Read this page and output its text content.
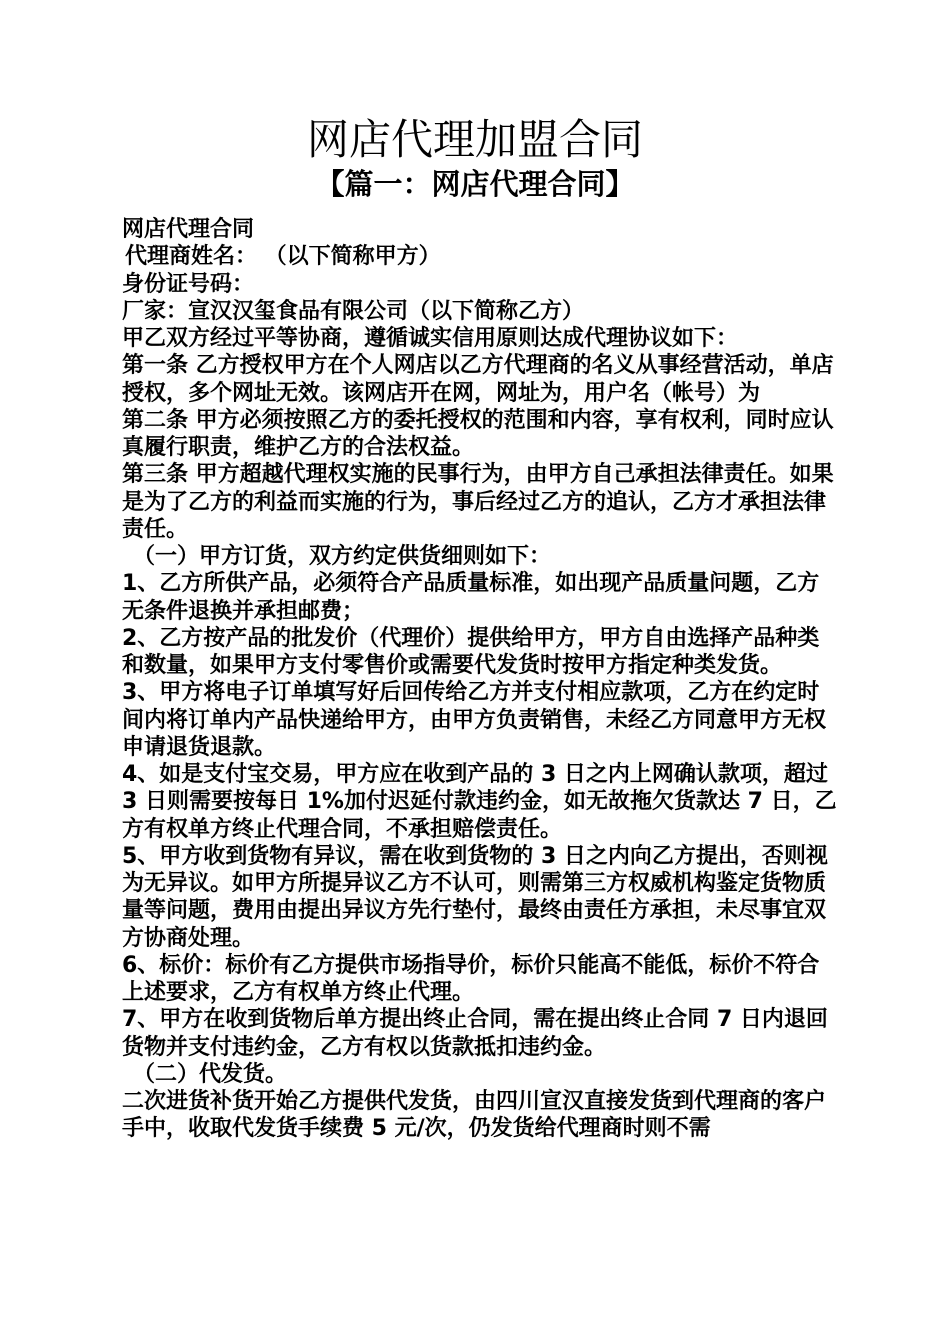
网店代理加盟合同
【篇一：网店代理合同】

网店代理合同

代理商姓名： （以下简称甲方）

身份证号码：

厂家：宣汉汉玺食品有限公司（以下简称乙方）

甲乙双方经过平等协商，遵循诚实信用原则达成代理协议如下：

第一条 乙方授权甲方在个人网店以乙方代理商的名义从事经营活动，单店授权，多个网址无效。该网店开在网，网址为，用户名（帐号）为

第二条 甲方必须按照乙方的委托授权的范围和内容，享有权利，同时应认真履行职责，维护乙方的合法权益。

第三条 甲方超越代理权实施的民事行为，由甲方自己承担法律责任。如果是为了乙方的利益而实施的行为，事后经过乙方的追认，乙方才承担法律责任。

（一）甲方订货，双方约定供货细则如下：

1、乙方所供产品，必须符合产品质量标准，如出现产品质量问题，乙方无条件退换并承担邮费；

2、乙方按产品的批发价（代理价）提供给甲方，甲方自由选择产品种类和数量，如果甲方支付零售价或需要代发货时按甲方指定种类发货。

3、甲方将电子订单填写好后回传给乙方并支付相应款项，乙方在约定时间内将订单内产品快递给甲方，由甲方负责销售，未经乙方同意甲方无权申请退货退款。

4、如是支付宝交易，甲方应在收到产品的 3 日之内上网确认款项，超过 3 日则需要按每日 1%加付迟延付款违约金，如无故拖欠货款达 7 日，乙方有权单方终止代理合同，不承担赔偿责任。

5、甲方收到货物有异议，需在收到货物的 3 日之内向乙方提出，否则视为无异议。如甲方所提异议乙方不认可，则需第三方权威机构鉴定货物质量等问题，费用由提出异议方先行垫付，最终由责任方承担，未尽事宜双方协商处理。

6、标价：标价有乙方提供市场指导价，标价只能高不能低，标价不符合上述要求，乙方有权单方终止代理。

7、甲方在收到货物后单方提出终止合同，需在提出终止合同 7 日内退回货物并支付违约金，乙方有权以货款抵扣违约金。

（二）代发货。

二次进货补货开始乙方提供代发货，由四川宣汉直接发货到代理商的客户手中，收取代发货手续费 5 元/次，仍发货给代理商时则不需
